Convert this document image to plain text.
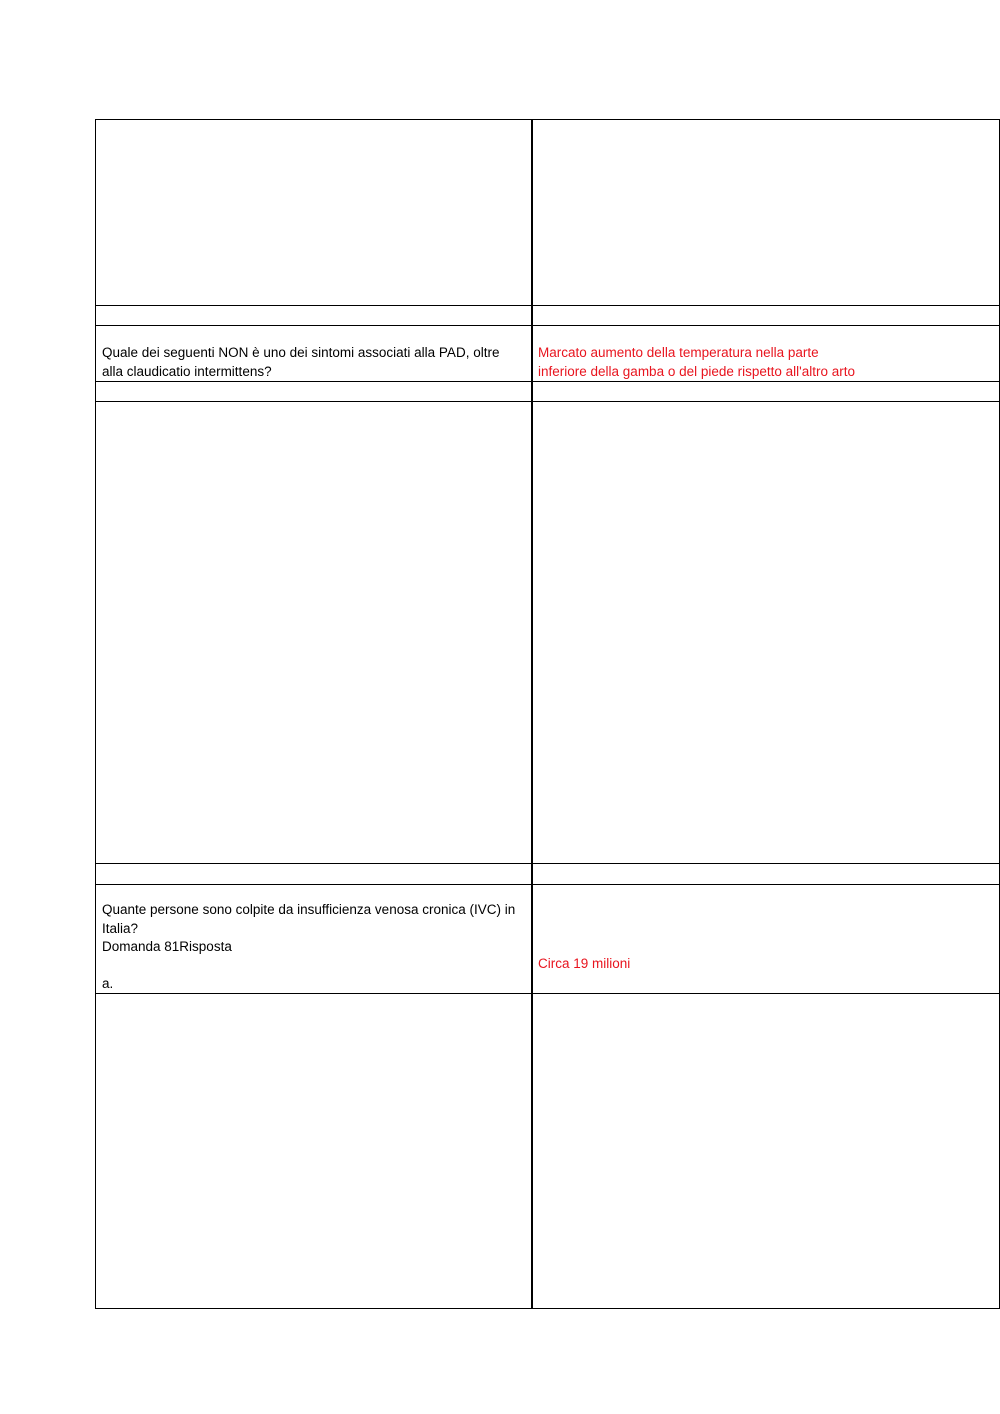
Quale dei seguenti NON è uno dei sintomi associati alla PAD, oltre
alla claudicatio intermittens?
Marcato aumento della temperatura nella parte
inferiore della gamba o del piede rispetto all'altro arto
Quante persone sono colpite da insufficienza venosa cronica (IVC) in
Italia?
Domanda 81Risposta

a.
Circa 19 milioni
